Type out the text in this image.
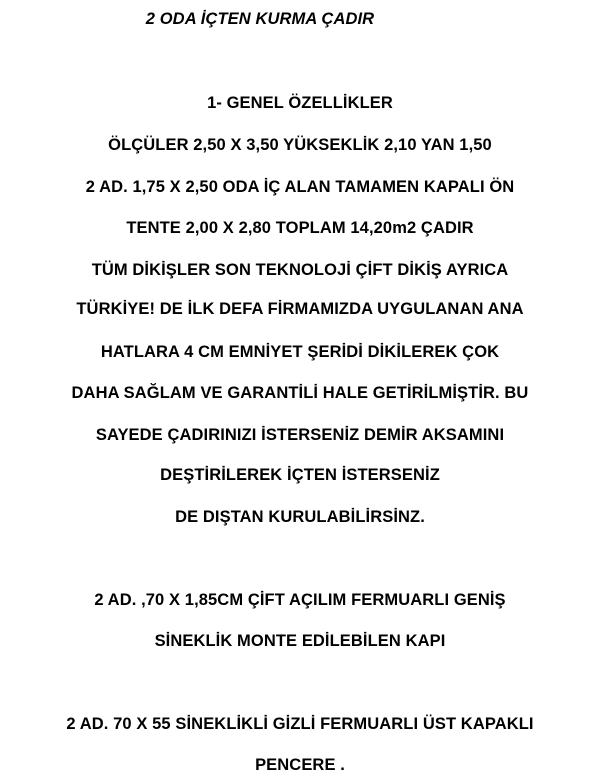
2 ODA İÇTEN KURMA ÇADIR
1- GENEL ÖZELLİKLER
ÖLÇÜLER 2,50 X 3,50 YÜKSEKLİK 2,10 YAN 1,50
2 AD. 1,75 X 2,50 ODA İÇ ALAN TAMAMEN KAPALI ÖN
TENTE 2,00 X 2,80 TOPLAM 14,20m2 ÇADIR
TÜM DİKİŞLER SON TEKNOLOJİ ÇİFT DİKİŞ AYRICA
TÜRKİYE! DE İLK DEFA FİRMAMIZDA UYGULANAN ANA
HATLARA 4 CM EMNİYET ŞERİDİ DİKİLEREK ÇOK
DAHA SAĞLAM VE GARANTİLİ HALE GETİRİLMİŞTİR. BU
SAYEDE ÇADIRINIZI İSTERSENİZ DEMİR AKSAMINI
DEŞTİRİLEREK İÇTEN İSTERSENİZ
DE DIŞTAN KURULABİLİRSİNZ.
2 AD. ,70 X 1,85CM ÇİFT AÇILIM FERMUARLI GENİŞ
SİNEKLİK MONTE EDİLEBİLEN KAPI
2 AD. 70 X 55 SİNEKLİKLİ GİZLİ FERMUARLI ÜST KAPAKLI
PENCERE .
